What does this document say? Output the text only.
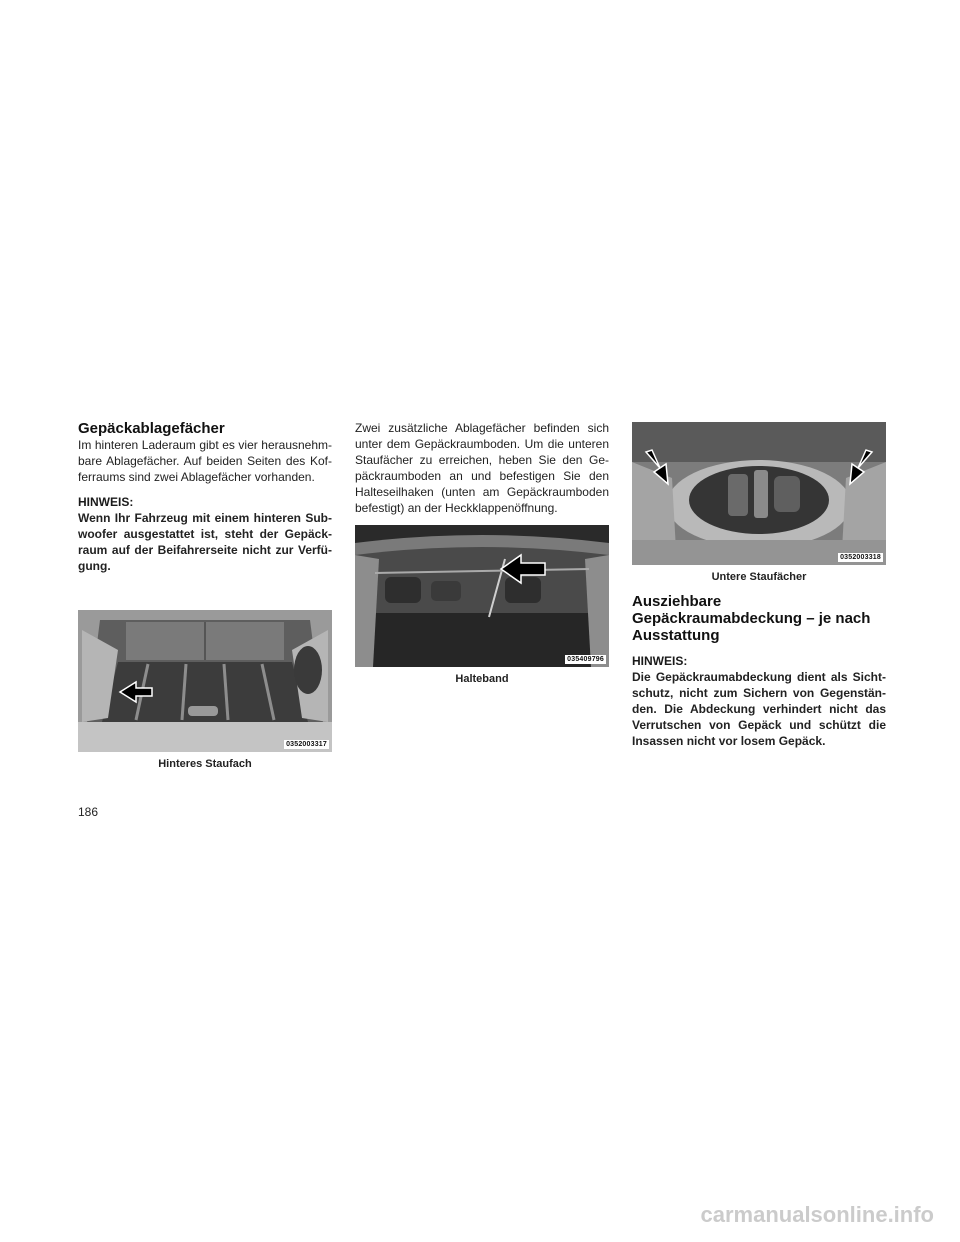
Gepäckablagefächer

Im hinteren Laderaum gibt es vier herausnehm-bare Ablagefächer. Auf beiden Seiten des Kof-ferraums sind zwei Ablagefächer vorhanden.

HINWEIS:

Wenn Ihr Fahrzeug mit einem hinteren Sub-woofer ausgestattet ist, steht der Gepäck-raum auf der Beifahrerseite nicht zur Verfü-gung.

0352003317
Hinteres Staufach

Zwei zusätzliche Ablagefächer befinden sich unter dem Gepäckraumboden. Um die unteren Staufächer zu erreichen, heben Sie den Ge-päckraumboden an und befestigen Sie den Halteseilhaken (unten am Gepäckraumboden befestigt) an der Heckklappenöffnung.

035409796
Halteband
0352003318
Untere Staufächer
Ausziehbare Gepäckraumabdeckung – je nach Ausstattung
HINWEIS:

Die Gepäckraumabdeckung dient als Sicht-schutz, nicht zum Sichern von Gegenstän-den. Die Abdeckung verhindert nicht das Verrutschen von Gepäck und schützt die Insassen nicht vor losem Gepäck.

186
carmanualsonline.info
